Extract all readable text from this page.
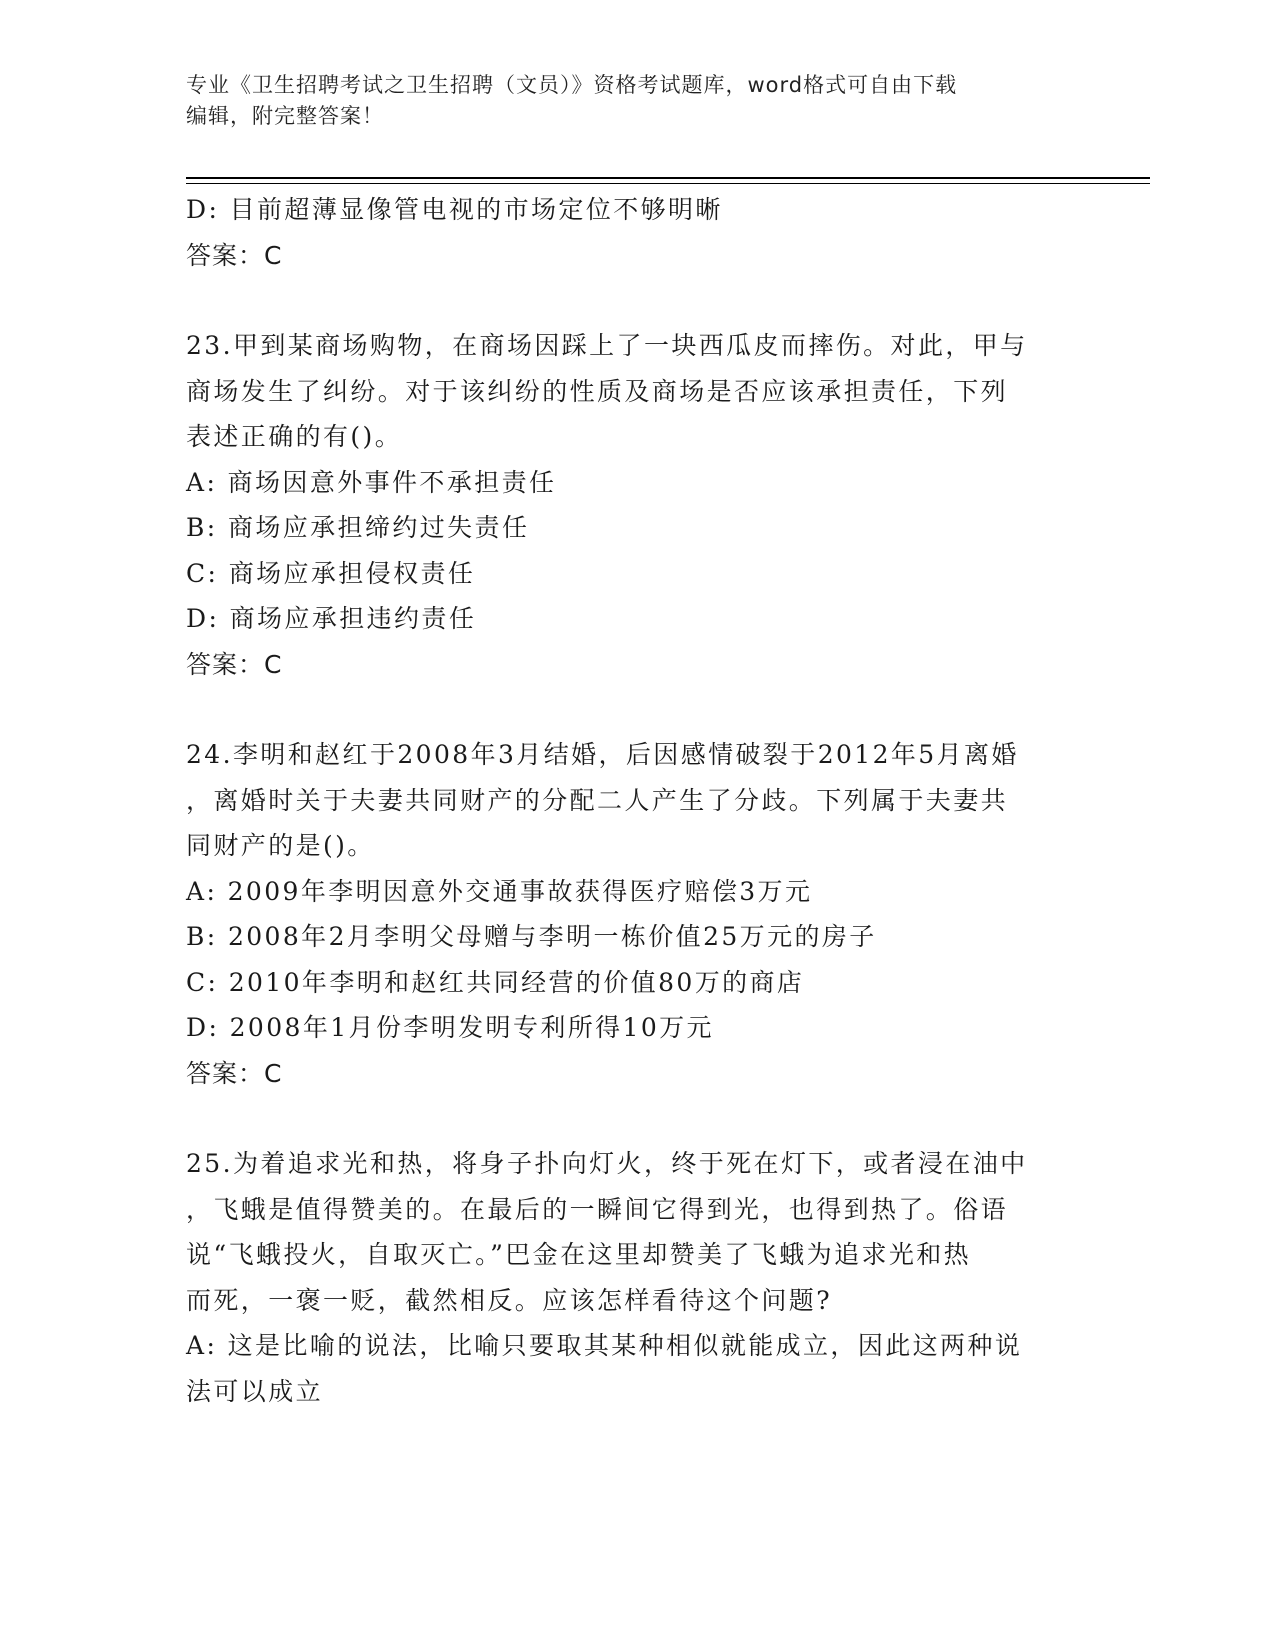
专业《卫生招聘考试之卫生招聘（文员）》资格考试题库，word格式可自由下载
编辑，附完整答案！

D: 目前超薄显像管电视的市场定位不够明晰

答案：C

23.甲到某商场购物，在商场因踩上了一块西瓜皮而摔伤。对此，甲与

商场发生了纠纷。对于该纠纷的性质及商场是否应该承担责任，下列

表述正确的有()。

A: 商场因意外事件不承担责任

B: 商场应承担缔约过失责任

C: 商场应承担侵权责任

D: 商场应承担违约责任

答案：C

24.李明和赵红于2008年3月结婚，后因感情破裂于2012年5月离婚

，离婚时关于夫妻共同财产的分配二人产生了分歧。下列属于夫妻共

同财产的是()。

A: 2009年李明因意外交通事故获得医疗赔偿3万元

B: 2008年2月李明父母赠与李明一栋价值25万元的房子

C: 2010年李明和赵红共同经营的价值80万的商店

D: 2008年1月份李明发明专利所得10万元

答案：C

25.为着追求光和热，将身子扑向灯火，终于死在灯下，或者浸在油中

，飞蛾是值得赞美的。在最后的一瞬间它得到光，也得到热了。俗语

说“飞蛾投火，自取灭亡。”巴金在这里却赞美了飞蛾为追求光和热

而死，一褒一贬，截然相反。应该怎样看待这个问题?

A: 这是比喻的说法，比喻只要取其某种相似就能成立，因此这两种说

法可以成立
